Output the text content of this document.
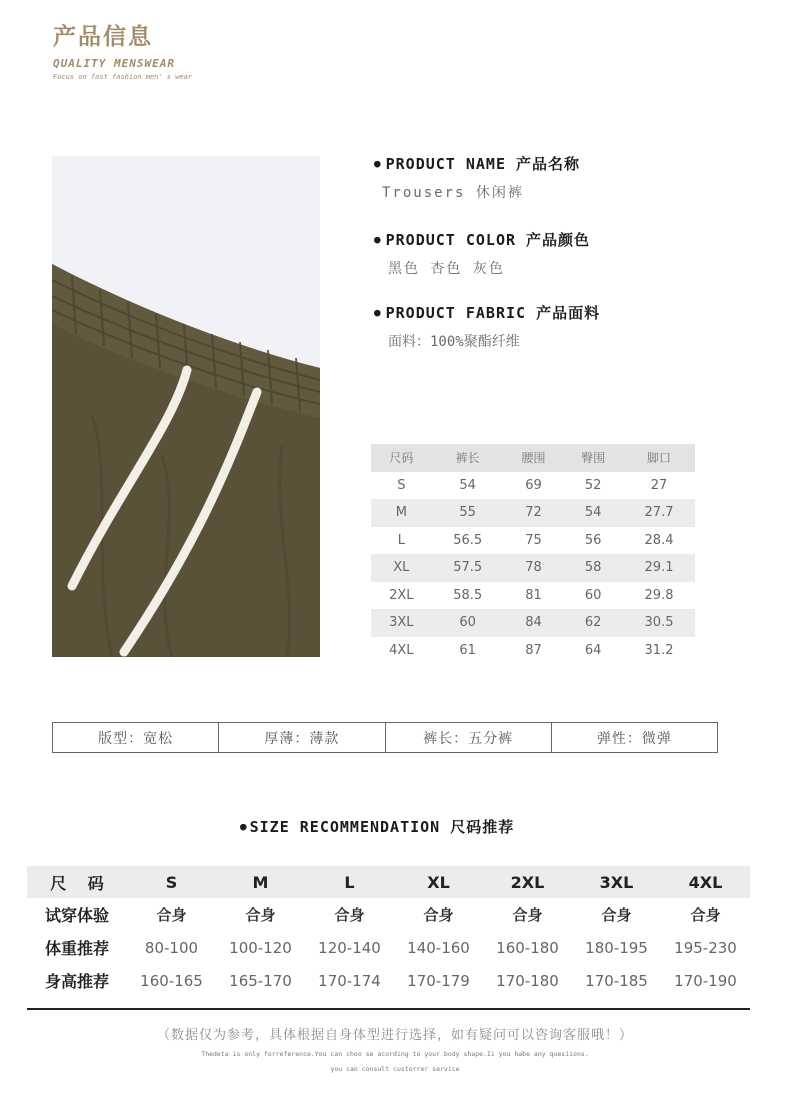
产品信息
QUALITY MENSWEAR
Focus on fast fashion men' s wear
● PRODUCT NAME 产品名称
Trousers 休闲裤
● PRODUCT COLOR 产品颜色
黑色 杏色 灰色
● PRODUCT FABRIC 产品面料
面料：100%聚酯纤维
尺码	裤长	腰围	臀围	脚口
S	54	69	52	27
M	55	72	54	27.7
L	56.5	75	56	28.4
XL	57.5	78	58	29.1
2XL	58.5	81	60	29.8
3XL	60	84	62	30.5
4XL	61	87	64	31.2
版型：宽松	厚薄：薄款	裤长：五分裤	弹性：微弹
● SIZE RECOMMENDATION 尺码推荐
尺　 码	S	M	L	XL	2XL	3XL	4XL
试穿体验	合身	合身	合身	合身	合身	合身	合身
体重推荐	80-100	100-120	120-140	140-160	160-180	180-195	195-230
身高推荐	160-165	165-170	170-174	170-179	170-180	170-185	170-190
（数据仅为参考，具体根据自身体型进行选择，如有疑问可以咨询客服哦！）
Thedeta is only forreference.You can choo se acording to your body shape.Ii you habe any quesiions.
you can consult custorrer service
